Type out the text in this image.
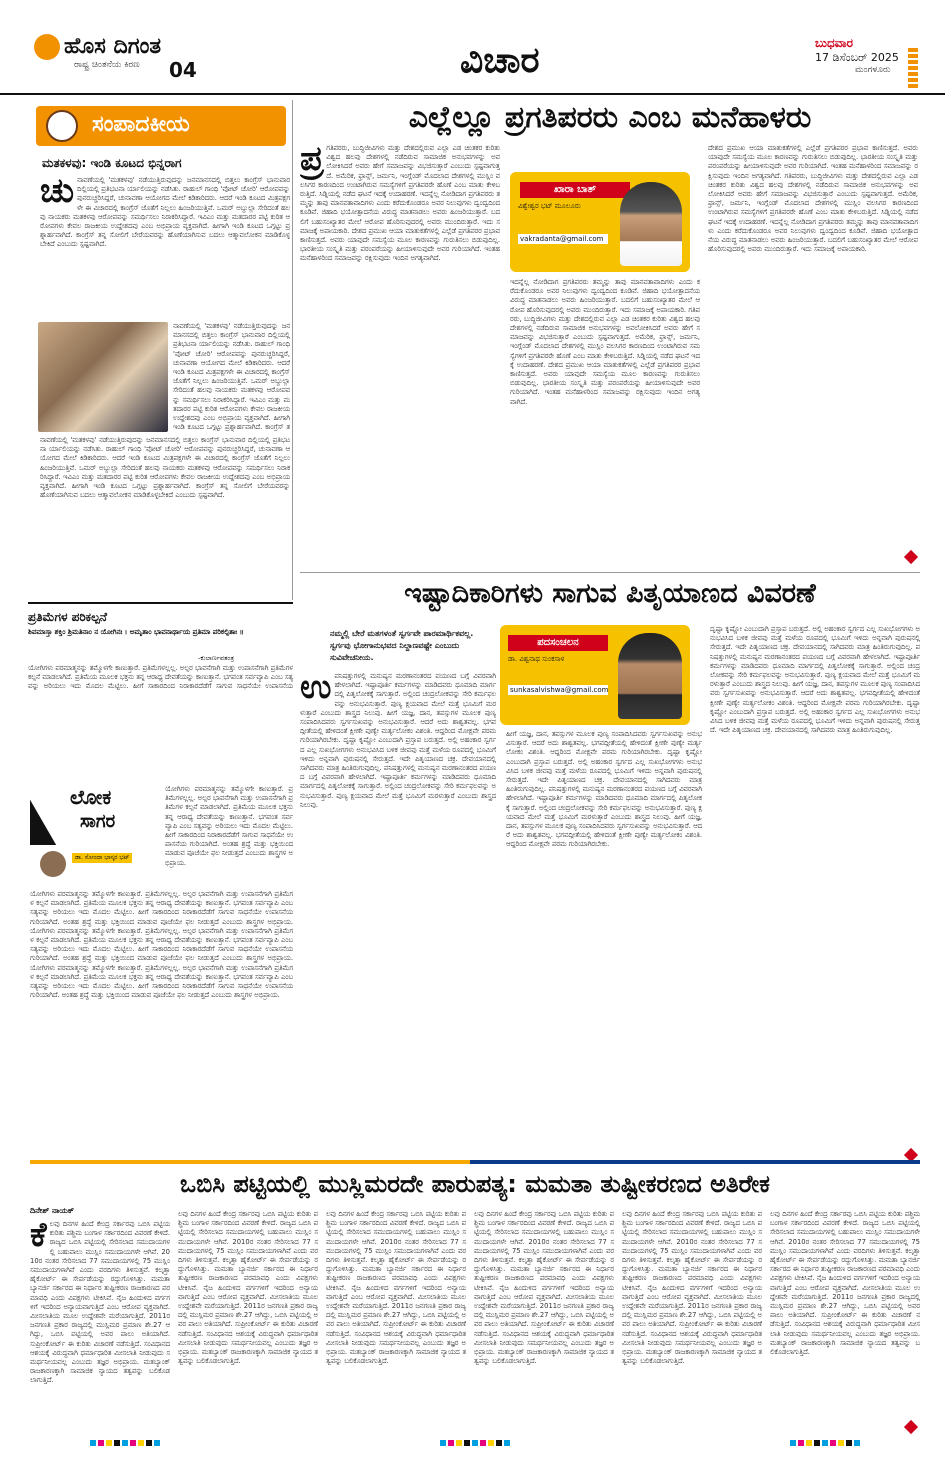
ಹೊಸ ದಿಗಂತ
ರಾಷ್ಟ್ರ ಚಿಂತನೆಯ ಕಿರಣ 04	ವಿಚಾರ	ಬುಧವಾರ
17 ಡಿಸೆಂಬರ್ 2025
ಮಂಗಳೂರು
ಸಂಪಾದಕೀಯ
ಮತಕಳವು: ಇಂಡಿ ಕೂಟದ ಭಿನ್ನರಾಗ
ಚುನಾವಣೆಯಲ್ಲಿ 'ಮತಕಳವು' ನಡೆಯುತ್ತಿರುವುದನ್ನು ಜನಮಾನಸದಲ್ಲಿ ಬಿತ್ತಲು ಕಾಂಗ್ರೆಸ್ ಭಾನುವಾರ ದಿಲ್ಲಿಯಲ್ಲಿ ಪ್ರತಿಭಟನಾ ರ್ಯಾಲಿಯನ್ನು ನಡೆಸಿತು. ರಾಹುಲ್ ಗಾಂಧಿ 'ವೋಟ್ ಚೋರಿ' ಆರೋಪವನ್ನು ಪುನರುಚ್ಚರಿಸಿದ್ದರೆ, ಚುನಾವಣಾ ಆಯೋಗದ ಮೇಲೆ ಕಿಡಿಕಾರಿದರು. ಆದರೆ ಇಂಡಿ ಕೂಟದ ಮಿತ್ರಪಕ್ಷಗಳೇ ಈ ವಿಚಾರದಲ್ಲಿ ಕಾಂಗ್ರೆಸ್ ಜೊತೆಗೆ ನಿಲ್ಲಲು ಹಿಂಜರಿಯುತ್ತಿವೆ. ಒಮರ್ ಅಬ್ದುಲ್ಲಾ ಸೇರಿದಂತೆ ಹಲವು ನಾಯಕರು ಮತಕಳವು ಆರೋಪವನ್ನು ಸಮರ್ಥಿಸಲು ನಿರಾಕರಿಸಿದ್ದಾರೆ. ಇವಿಎಂ ಮತ್ತು ಮತದಾರರ ಪಟ್ಟಿ ಕುರಿತ ಆರೋಪಗಳು ಕೇವಲ ರಾಜಕೀಯ ಉದ್ದೇಶದವು ಎಂಬ ಅಭಿಪ್ರಾಯ ವ್ಯಕ್ತವಾಗಿದೆ. ಹೀಗಾಗಿ ಇಂಡಿ ಕೂಟದ ಒಗ್ಗಟ್ಟು ಪ್ರಶ್ನಾರ್ಹವಾಗಿದೆ. ಕಾಂಗ್ರೆಸ್ ತನ್ನ ಸೋಲಿಗೆ ಬೇರೆಯವರನ್ನು ಹೊಣೆಯಾಗಿಸುವ ಬದಲು ಆತ್ಮಾವಲೋಕನ ಮಾಡಿಕೊಳ್ಳಬೇಕಿದೆ ಎಂಬುದು ಸ್ಪಷ್ಟವಾಗಿದೆ.
ನಾವಣೆಯಲ್ಲಿ 'ಮತಕಳವು' ನಡೆಯುತ್ತಿರುವುದನ್ನು ಜನಮಾನಸದಲ್ಲಿ ಬಿತ್ತಲು ಕಾಂಗ್ರೆಸ್ ಭಾನುವಾರ ದಿಲ್ಲಿಯಲ್ಲಿ ಪ್ರತಿಭಟನಾ ರ್ಯಾಲಿಯನ್ನು ನಡೆಸಿತು. ರಾಹುಲ್ ಗಾಂಧಿ 'ವೋಟ್ ಚೋರಿ' ಆರೋಪವನ್ನು ಪುನರುಚ್ಚರಿಸಿದ್ದರೆ, ಚುನಾವಣಾ ಆಯೋಗದ ಮೇಲೆ ಕಿಡಿಕಾರಿದರು. ಆದರೆ ಇಂಡಿ ಕೂಟದ ಮಿತ್ರಪಕ್ಷಗಳೇ ಈ ವಿಚಾರದಲ್ಲಿ ಕಾಂಗ್ರೆಸ್ ಜೊತೆಗೆ ನಿಲ್ಲಲು ಹಿಂಜರಿಯುತ್ತಿವೆ. ಒಮರ್ ಅಬ್ದುಲ್ಲಾ ಸೇರಿದಂತೆ ಹಲವು ನಾಯಕರು ಮತಕಳವು ಆರೋಪವನ್ನು ಸಮರ್ಥಿಸಲು ನಿರಾಕರಿಸಿದ್ದಾರೆ. ಇವಿಎಂ ಮತ್ತು ಮತದಾರರ ಪಟ್ಟಿ ಕುರಿತ ಆರೋಪಗಳು ಕೇವಲ ರಾಜಕೀಯ ಉದ್ದೇಶದವು ಎಂಬ ಅಭಿಪ್ರಾಯ ವ್ಯಕ್ತವಾಗಿದೆ. ಹೀಗಾಗಿ ಇಂಡಿ ಕೂಟದ ಒಗ್ಗಟ್ಟು ಪ್ರಶ್ನಾರ್ಹವಾಗಿದೆ. ಕಾಂಗ್ರೆಸ್ ತ
ನಾವಣೆಯಲ್ಲಿ 'ಮತಕಳವು' ನಡೆಯುತ್ತಿರುವುದನ್ನು ಜನಮಾನಸದಲ್ಲಿ ಬಿತ್ತಲು ಕಾಂಗ್ರೆಸ್ ಭಾನುವಾರ ದಿಲ್ಲಿಯಲ್ಲಿ ಪ್ರತಿಭಟನಾ ರ್ಯಾಲಿಯನ್ನು ನಡೆಸಿತು. ರಾಹುಲ್ ಗಾಂಧಿ 'ವೋಟ್ ಚೋರಿ' ಆರೋಪವನ್ನು ಪುನರುಚ್ಚರಿಸಿದ್ದರೆ, ಚುನಾವಣಾ ಆಯೋಗದ ಮೇಲೆ ಕಿಡಿಕಾರಿದರು. ಆದರೆ ಇಂಡಿ ಕೂಟದ ಮಿತ್ರಪಕ್ಷಗಳೇ ಈ ವಿಚಾರದಲ್ಲಿ ಕಾಂಗ್ರೆಸ್ ಜೊತೆಗೆ ನಿಲ್ಲಲು ಹಿಂಜರಿಯುತ್ತಿವೆ. ಒಮರ್ ಅಬ್ದುಲ್ಲಾ ಸೇರಿದಂತೆ ಹಲವು ನಾಯಕರು ಮತಕಳವು ಆರೋಪವನ್ನು ಸಮರ್ಥಿಸಲು ನಿರಾಕರಿಸಿದ್ದಾರೆ. ಇವಿಎಂ ಮತ್ತು ಮತದಾರರ ಪಟ್ಟಿ ಕುರಿತ ಆರೋಪಗಳು ಕೇವಲ ರಾಜಕೀಯ ಉದ್ದೇಶದವು ಎಂಬ ಅಭಿಪ್ರಾಯ ವ್ಯಕ್ತವಾಗಿದೆ. ಹೀಗಾಗಿ ಇಂಡಿ ಕೂಟದ ಒಗ್ಗಟ್ಟು ಪ್ರಶ್ನಾರ್ಹವಾಗಿದೆ. ಕಾಂಗ್ರೆಸ್ ತನ್ನ ಸೋಲಿಗೆ ಬೇರೆಯವರನ್ನು ಹೊಣೆಯಾಗಿಸುವ ಬದಲು ಆತ್ಮಾವಲೋಕನ ಮಾಡಿಕೊಳ್ಳಬೇಕಿದೆ ಎಂಬುದು ಸ್ಪಷ್ಟವಾಗಿದೆ.
ಎಲ್ಲೆಲ್ಲೂ ಪ್ರಗತಿಪರರು ಎಂಬ ಮನೆಹಾಳರು
ಪ್ರ ಗತಿಪರರು, ಬುದ್ಧಿಜೀವಿಗಳು ಮತ್ತು ದೇಶದಲ್ಲಿರುವ ಎಲ್ಲಾ ಎಡ ಚಿಂತಕರ ಕುರಿತು ವಿಶ್ವದ ಹಲವು ದೇಶಗಳಲ್ಲಿ ನಡೆದಿರುವ ಸಾಮಾಜಿಕ ಅನುಭವಗಳನ್ನು ಅವಲೋಕಿಸಿದರೆ ಅವರು ಹೇಗೆ ಸಮಾಜವನ್ನು ವಿಭಜಿಸುತ್ತಾರೆ ಎಂಬುದು ಸ್ಪಷ್ಟವಾಗುತ್ತದೆ. ಅಮೆರಿಕ, ಫ್ರಾನ್ಸ್, ಜರ್ಮನಿ, ಇಂಗ್ಲೆಂಡ್ ಮೊದಲಾದ ದೇಶಗಳಲ್ಲಿ ಮುಸ್ಲಿಂ ವಲಸಿಗರ ಕಾರಣದಿಂದ ಉಂಟಾಗಿರುವ ಸಮಸ್ಯೆಗಳಿಗೆ ಪ್ರಗತಿಪರರೇ ಹೊಣೆ ಎಂಬ ಮಾತು ಕೇಳಿಬರುತ್ತಿದೆ. ಸಿಡ್ನಿಯಲ್ಲಿ ನಡೆದ ಘಟನೆ ಇದಕ್ಕೆ ಉದಾಹರಣೆ. ಇದನ್ನೆಲ್ಲ ನೋಡಿದಾಗ ಪ್ರಗತಿಪರರು ತಮ್ಮನ್ನು ತಾವು ಮಾನವತಾವಾದಿಗಳು ಎಂದು ಕರೆದುಕೊಂಡರೂ ಅವರ ನಿಲುವುಗಳು ದ್ವಂದ್ವದಿಂದ ಕೂಡಿವೆ. ಜಿಹಾದಿ ಭಯೋತ್ಪಾದನೆಯ ವಿರುದ್ಧ ಮಾತನಾಡಲು ಅವರು ಹಿಂಜರಿಯುತ್ತಾರೆ. ಬದಲಿಗೆ ಬಹುಸಂಖ್ಯಾತರ ಮೇಲೆ ಆರೋಪ ಹೊರಿಸುವುದರಲ್ಲಿ ಅವರು ಮುಂದಿರುತ್ತಾರೆ. ಇದು ಸಮಾಜಕ್ಕೆ ಅಪಾಯಕಾರಿ. ದೇಶದ ಪ್ರಮುಖ ಆಯಾ ಮಾತುಕತೆಗಳಲ್ಲಿ ಎಲ್ಲೆಡೆ ಪ್ರಗತಿಪರರ ಪ್ರಭಾವ ಕಾಣಿಸುತ್ತದೆ. ಅವರು ಯಾವುದೇ ಸಮಸ್ಯೆಯ ಮೂಲ ಕಾರಣವನ್ನು ಗುರುತಿಸಲು ಬಿಡುವುದಿಲ್ಲ. ಭಾರತೀಯ ಸಂಸ್ಕೃತಿ ಮತ್ತು ಪರಂಪರೆಯನ್ನು ಹೀಯಾಳಿಸುವುದೇ ಅವರ ಗುರಿಯಾಗಿದೆ. ಇಂತಹ ಮನೆಹಾಳರಿಂದ ಸಮಾಜವನ್ನು ರಕ್ಷಿಸುವುದು ಇಂದಿನ ಅಗತ್ಯವಾಗಿದೆ.
ಖಾರಾ ಬಾತ್
ವಿಶ್ವೇಶ್ವರ ಭಟ್ ಮೂಲೂರು
vakradanta@gmail.com
ಇದನ್ನೆಲ್ಲ ನೋಡಿದಾಗ ಪ್ರಗತಿಪರರು ತಮ್ಮನ್ನು ತಾವು ಮಾನವತಾವಾದಿಗಳು ಎಂದು ಕರೆದುಕೊಂಡರೂ ಅವರ ನಿಲುವುಗಳು ದ್ವಂದ್ವದಿಂದ ಕೂಡಿವೆ. ಜಿಹಾದಿ ಭಯೋತ್ಪಾದನೆಯ ವಿರುದ್ಧ ಮಾತನಾಡಲು ಅವರು ಹಿಂಜರಿಯುತ್ತಾರೆ. ಬದಲಿಗೆ ಬಹುಸಂಖ್ಯಾತರ ಮೇಲೆ ಆರೋಪ ಹೊರಿಸುವುದರಲ್ಲಿ ಅವರು ಮುಂದಿರುತ್ತಾರೆ. ಇದು ಸಮಾಜಕ್ಕೆ ಅಪಾಯಕಾರಿ. ಗತಿಪರರು, ಬುದ್ಧಿಜೀವಿಗಳು ಮತ್ತು ದೇಶದಲ್ಲಿರುವ ಎಲ್ಲಾ ಎಡ ಚಿಂತಕರ ಕುರಿತು ವಿಶ್ವದ ಹಲವು ದೇಶಗಳಲ್ಲಿ ನಡೆದಿರುವ ಸಾಮಾಜಿಕ ಅನುಭವಗಳನ್ನು ಅವಲೋಕಿಸಿದರೆ ಅವರು ಹೇಗೆ ಸಮಾಜವನ್ನು ವಿಭಜಿಸುತ್ತಾರೆ ಎಂಬುದು ಸ್ಪಷ್ಟವಾಗುತ್ತದೆ. ಅಮೆರಿಕ, ಫ್ರಾನ್ಸ್, ಜರ್ಮನಿ, ಇಂಗ್ಲೆಂಡ್ ಮೊದಲಾದ ದೇಶಗಳಲ್ಲಿ ಮುಸ್ಲಿಂ ವಲಸಿಗರ ಕಾರಣದಿಂದ ಉಂಟಾಗಿರುವ ಸಮಸ್ಯೆಗಳಿಗೆ ಪ್ರಗತಿಪರರೇ ಹೊಣೆ ಎಂಬ ಮಾತು ಕೇಳಿಬರುತ್ತಿದೆ. ಸಿಡ್ನಿಯಲ್ಲಿ ನಡೆದ ಘಟನೆ ಇದಕ್ಕೆ ಉದಾಹರಣೆ. ದೇಶದ ಪ್ರಮುಖ ಆಯಾ ಮಾತುಕತೆಗಳಲ್ಲಿ ಎಲ್ಲೆಡೆ ಪ್ರಗತಿಪರರ ಪ್ರಭಾವ ಕಾಣಿಸುತ್ತದೆ. ಅವರು ಯಾವುದೇ ಸಮಸ್ಯೆಯ ಮೂಲ ಕಾರಣವನ್ನು ಗುರುತಿಸಲು ಬಿಡುವುದಿಲ್ಲ. ಭಾರತೀಯ ಸಂಸ್ಕೃತಿ ಮತ್ತು ಪರಂಪರೆಯನ್ನು ಹೀಯಾಳಿಸುವುದೇ ಅವರ ಗುರಿಯಾಗಿದೆ. ಇಂತಹ ಮನೆಹಾಳರಿಂದ ಸಮಾಜವನ್ನು ರಕ್ಷಿಸುವುದು ಇಂದಿನ ಅಗತ್ಯವಾಗಿದೆ.
ದೇಶದ ಪ್ರಮುಖ ಆಯಾ ಮಾತುಕತೆಗಳಲ್ಲಿ ಎಲ್ಲೆಡೆ ಪ್ರಗತಿಪರರ ಪ್ರಭಾವ ಕಾಣಿಸುತ್ತದೆ. ಅವರು ಯಾವುದೇ ಸಮಸ್ಯೆಯ ಮೂಲ ಕಾರಣವನ್ನು ಗುರುತಿಸಲು ಬಿಡುವುದಿಲ್ಲ. ಭಾರತೀಯ ಸಂಸ್ಕೃತಿ ಮತ್ತು ಪರಂಪರೆಯನ್ನು ಹೀಯಾಳಿಸುವುದೇ ಅವರ ಗುರಿಯಾಗಿದೆ. ಇಂತಹ ಮನೆಹಾಳರಿಂದ ಸಮಾಜವನ್ನು ರಕ್ಷಿಸುವುದು ಇಂದಿನ ಅಗತ್ಯವಾಗಿದೆ. ಗತಿಪರರು, ಬುದ್ಧಿಜೀವಿಗಳು ಮತ್ತು ದೇಶದಲ್ಲಿರುವ ಎಲ್ಲಾ ಎಡ ಚಿಂತಕರ ಕುರಿತು ವಿಶ್ವದ ಹಲವು ದೇಶಗಳಲ್ಲಿ ನಡೆದಿರುವ ಸಾಮಾಜಿಕ ಅನುಭವಗಳನ್ನು ಅವಲೋಕಿಸಿದರೆ ಅವರು ಹೇಗೆ ಸಮಾಜವನ್ನು ವಿಭಜಿಸುತ್ತಾರೆ ಎಂಬುದು ಸ್ಪಷ್ಟವಾಗುತ್ತದೆ. ಅಮೆರಿಕ, ಫ್ರಾನ್ಸ್, ಜರ್ಮನಿ, ಇಂಗ್ಲೆಂಡ್ ಮೊದಲಾದ ದೇಶಗಳಲ್ಲಿ ಮುಸ್ಲಿಂ ವಲಸಿಗರ ಕಾರಣದಿಂದ ಉಂಟಾಗಿರುವ ಸಮಸ್ಯೆಗಳಿಗೆ ಪ್ರಗತಿಪರರೇ ಹೊಣೆ ಎಂಬ ಮಾತು ಕೇಳಿಬರುತ್ತಿದೆ. ಸಿಡ್ನಿಯಲ್ಲಿ ನಡೆದ ಘಟನೆ ಇದಕ್ಕೆ ಉದಾಹರಣೆ. ಇದನ್ನೆಲ್ಲ ನೋಡಿದಾಗ ಪ್ರಗತಿಪರರು ತಮ್ಮನ್ನು ತಾವು ಮಾನವತಾವಾದಿಗಳು ಎಂದು ಕರೆದುಕೊಂಡರೂ ಅವರ ನಿಲುವುಗಳು ದ್ವಂದ್ವದಿಂದ ಕೂಡಿವೆ. ಜಿಹಾದಿ ಭಯೋತ್ಪಾದನೆಯ ವಿರುದ್ಧ ಮಾತನಾಡಲು ಅವರು ಹಿಂಜರಿಯುತ್ತಾರೆ. ಬದಲಿಗೆ ಬಹುಸಂಖ್ಯಾತರ ಮೇಲೆ ಆರೋಪ ಹೊರಿಸುವುದರಲ್ಲಿ ಅವರು ಮುಂದಿರುತ್ತಾರೆ. ಇದು ಸಮಾಜಕ್ಕೆ ಅಪಾಯಕಾರಿ.
ಪ್ರತಿಮೆಗಳ ಪರಿಕಲ್ಪನೆ
ಶಿವಮಾಸ್ತಾ ಶಕ್ತಿಂ ಶ್ರಿಮತಿನಾಂ ನ ಯೋಗಿನಃ । ಅಮೃತಾಂ ಭಾವನಾರ್ಥಾಯ ಪ್ರತಿಮಾ ಪರಿಕಲ್ಪಿತಾಃ ॥
-ಕುಲಾರ್ಣವತಂತ್ರ
ಯೋಗಿಗಳು ಪರಮಾತ್ಮನನ್ನು ತಮ್ಮೊಳಗೇ ಕಾಣುತ್ತಾರೆ. ಪ್ರತಿಮೆಗಳಲ್ಲಲ್ಲ. ಅಲ್ಪರ ಭಾವನೆಗಾಗಿ ಮತ್ತು ಉಪಾಸನೆಗಾಗಿ ಪ್ರತಿಮೆಗಳ ಕಲ್ಪನೆ ಮಾಡಲಾಗಿದೆ. ಪ್ರತಿಮೆಯ ಮೂಲಕ ಭಕ್ತನು ತನ್ನ ಆರಾಧ್ಯ ದೇವತೆಯನ್ನು ಕಾಣುತ್ತಾನೆ. ಭಗವಂತ ಸರ್ವವ್ಯಾಪಿ ಎಂಬ ಸತ್ಯವನ್ನು ಅರಿಯಲು ಇದು ಮೊದಲ ಮೆಟ್ಟಿಲು. ಹೀಗೆ ಸಾಕಾರದಿಂದ ನಿರಾಕಾರದೆಡೆಗೆ ಸಾಗುವ ಸಾಧನೆಯೇ ಉಪಾಸನೆಯ
ಲೋಕ
ಸಾಗರ
ಡಾ. ಸೋಂದಾ ಭಾಸ್ಕರ ಭಟ್
ಯೋಗಿಗಳು ಪರಮಾತ್ಮನನ್ನು ತಮ್ಮೊಳಗೇ ಕಾಣುತ್ತಾರೆ. ಪ್ರತಿಮೆಗಳಲ್ಲಲ್ಲ. ಅಲ್ಪರ ಭಾವನೆಗಾಗಿ ಮತ್ತು ಉಪಾಸನೆಗಾಗಿ ಪ್ರತಿಮೆಗಳ ಕಲ್ಪನೆ ಮಾಡಲಾಗಿದೆ. ಪ್ರತಿಮೆಯ ಮೂಲಕ ಭಕ್ತನು ತನ್ನ ಆರಾಧ್ಯ ದೇವತೆಯನ್ನು ಕಾಣುತ್ತಾನೆ. ಭಗವಂತ ಸರ್ವವ್ಯಾಪಿ ಎಂಬ ಸತ್ಯವನ್ನು ಅರಿಯಲು ಇದು ಮೊದಲ ಮೆಟ್ಟಿಲು. ಹೀಗೆ ಸಾಕಾರದಿಂದ ನಿರಾಕಾರದೆಡೆಗೆ ಸಾಗುವ ಸಾಧನೆಯೇ ಉಪಾಸನೆಯ ಗುರಿಯಾಗಿದೆ. ಅಂತಹ ಶ್ರದ್ಧೆ ಮತ್ತು ಭಕ್ತಿಯಿಂದ ಮಾಡುವ ಪೂಜೆಯೇ ಫಲ ನೀಡುತ್ತದೆ ಎಂಬುದು ಶಾಸ್ತ್ರಗಳ ಅಭಿಪ್ರಾಯ.
ಯೋಗಿಗಳು ಪರಮಾತ್ಮನನ್ನು ತಮ್ಮೊಳಗೇ ಕಾಣುತ್ತಾರೆ. ಪ್ರತಿಮೆಗಳಲ್ಲಲ್ಲ. ಅಲ್ಪರ ಭಾವನೆಗಾಗಿ ಮತ್ತು ಉಪಾಸನೆಗಾಗಿ ಪ್ರತಿಮೆಗಳ ಕಲ್ಪನೆ ಮಾಡಲಾಗಿದೆ. ಪ್ರತಿಮೆಯ ಮೂಲಕ ಭಕ್ತನು ತನ್ನ ಆರಾಧ್ಯ ದೇವತೆಯನ್ನು ಕಾಣುತ್ತಾನೆ. ಭಗವಂತ ಸರ್ವವ್ಯಾಪಿ ಎಂಬ ಸತ್ಯವನ್ನು ಅರಿಯಲು ಇದು ಮೊದಲ ಮೆಟ್ಟಿಲು. ಹೀಗೆ ಸಾಕಾರದಿಂದ ನಿರಾಕಾರದೆಡೆಗೆ ಸಾಗುವ ಸಾಧನೆಯೇ ಉಪಾಸನೆಯ ಗುರಿಯಾಗಿದೆ. ಅಂತಹ ಶ್ರದ್ಧೆ ಮತ್ತು ಭಕ್ತಿಯಿಂದ ಮಾಡುವ ಪೂಜೆಯೇ ಫಲ ನೀಡುತ್ತದೆ ಎಂಬುದು ಶಾಸ್ತ್ರಗಳ ಅಭಿಪ್ರಾಯ. ಯೋಗಿಗಳು ಪರಮಾತ್ಮನನ್ನು ತಮ್ಮೊಳಗೇ ಕಾಣುತ್ತಾರೆ. ಪ್ರತಿಮೆಗಳಲ್ಲಲ್ಲ. ಅಲ್ಪರ ಭಾವನೆಗಾಗಿ ಮತ್ತು ಉಪಾಸನೆಗಾಗಿ ಪ್ರತಿಮೆಗಳ ಕಲ್ಪನೆ ಮಾಡಲಾಗಿದೆ. ಪ್ರತಿಮೆಯ ಮೂಲಕ ಭಕ್ತನು ತನ್ನ ಆರಾಧ್ಯ ದೇವತೆಯನ್ನು ಕಾಣುತ್ತಾನೆ. ಭಗವಂತ ಸರ್ವವ್ಯಾಪಿ ಎಂಬ ಸತ್ಯವನ್ನು ಅರಿಯಲು ಇದು ಮೊದಲ ಮೆಟ್ಟಿಲು. ಹೀಗೆ ಸಾಕಾರದಿಂದ ನಿರಾಕಾರದೆಡೆಗೆ ಸಾಗುವ ಸಾಧನೆಯೇ ಉಪಾಸನೆಯ ಗುರಿಯಾಗಿದೆ. ಅಂತಹ ಶ್ರದ್ಧೆ ಮತ್ತು ಭಕ್ತಿಯಿಂದ ಮಾಡುವ ಪೂಜೆಯೇ ಫಲ ನೀಡುತ್ತದೆ ಎಂಬುದು ಶಾಸ್ತ್ರಗಳ ಅಭಿಪ್ರಾಯ. ಯೋಗಿಗಳು ಪರಮಾತ್ಮನನ್ನು ತಮ್ಮೊಳಗೇ ಕಾಣುತ್ತಾರೆ. ಪ್ರತಿಮೆಗಳಲ್ಲಲ್ಲ. ಅಲ್ಪರ ಭಾವನೆಗಾಗಿ ಮತ್ತು ಉಪಾಸನೆಗಾಗಿ ಪ್ರತಿಮೆಗಳ ಕಲ್ಪನೆ ಮಾಡಲಾಗಿದೆ. ಪ್ರತಿಮೆಯ ಮೂಲಕ ಭಕ್ತನು ತನ್ನ ಆರಾಧ್ಯ ದೇವತೆಯನ್ನು ಕಾಣುತ್ತಾನೆ. ಭಗವಂತ ಸರ್ವವ್ಯಾಪಿ ಎಂಬ ಸತ್ಯವನ್ನು ಅರಿಯಲು ಇದು ಮೊದಲ ಮೆಟ್ಟಿಲು. ಹೀಗೆ ಸಾಕಾರದಿಂದ ನಿರಾಕಾರದೆಡೆಗೆ ಸಾಗುವ ಸಾಧನೆಯೇ ಉಪಾಸನೆಯ ಗುರಿಯಾಗಿದೆ. ಅಂತಹ ಶ್ರದ್ಧೆ ಮತ್ತು ಭಕ್ತಿಯಿಂದ ಮಾಡುವ ಪೂಜೆಯೇ ಫಲ ನೀಡುತ್ತದೆ ಎಂಬುದು ಶಾಸ್ತ್ರಗಳ ಅಭಿಪ್ರಾಯ.
ಇಷ್ಟಾದಿಕಾರಿಗಳು ಸಾಗುವ ಪಿತೃಯಾಣದ ವಿವರಣೆ
ನಮ್ಮಲ್ಲಿ ಬೇರೆ ಮತಗಳಂತೆ ಸ್ವರ್ಗವೇ ಪಾರಮಾರ್ಥಿಕವಲ್ಲ. ಸ್ವರ್ಗವು ಭೋಗಾನುಭವದ ನಿಲ್ದಾಣವಷ್ಟೇ ಎಂಬುದು ಸುವಿವೇಚನೀಯ.
ಪದಸಂಚಲನ
ಡಾ. ವಿಶ್ವನಾಥ ಸುಂಕಸಾಳ
sunkasalvishwa@gmail.com
ಉಪನಿಷತ್ತುಗಳಲ್ಲಿ ಮನುಷ್ಯನ ಮರಣಾನಂತರದ ಪಯಣದ ಬಗ್ಗೆ ವಿವರವಾಗಿ ಹೇಳಲಾಗಿದೆ. ಇಷ್ಟಾಪೂರ್ತಿ ಕರ್ಮಗಳನ್ನು ಮಾಡಿದವರು ಧೂಮಾದಿ ಮಾರ್ಗದಲ್ಲಿ ಪಿತೃಲೋಕಕ್ಕೆ ಸಾಗುತ್ತಾರೆ. ಅಲ್ಲಿಂದ ಚಂದ್ರಲೋಕವನ್ನು ಸೇರಿ ಕರ್ಮಫಲವನ್ನು ಅನುಭವಿಸುತ್ತಾರೆ. ಪುಣ್ಯ ಕ್ಷಯವಾದ ಮೇಲೆ ಮತ್ತೆ ಭೂಮಿಗೆ ಮರಳುತ್ತಾರೆ ಎಂಬುದು ಶಾಸ್ತ್ರದ ನಿಲುವು. ಹೀಗೆ ಯಜ್ಞ, ದಾನ, ತಪಸ್ಸುಗಳ ಮೂಲಕ ಪುಣ್ಯ ಸಂಪಾದಿಸಿದವರು ಸ್ವರ್ಗಸುಖವನ್ನು ಅನುಭವಿಸುತ್ತಾರೆ. ಆದರೆ ಅದು ಶಾಶ್ವತವಲ್ಲ. ಭಗವದ್ಗೀತೆಯಲ್ಲಿ ಹೇಳಿದಂತೆ ಕ್ಷೀಣೇ ಪುಣ್ಯೇ ಮರ್ತ್ಯಲೋಕಂ ವಿಶಂತಿ. ಆದ್ದರಿಂದ ಮೋಕ್ಷವೇ ಪರಮ ಗುರಿಯಾಗಿರಬೇಕು. ದೃಷ್ಟಾ ಕೃಷ್ಣೋ ಎಂಬುದಾಗಿ ಪ್ರಸ್ತಾಪ ಬರುತ್ತದೆ. ಅಲ್ಲಿ ಅಹಂಕಾರ ಸ್ವರ್ಗದ ಎಲ್ಲ ಸುಖಭೋಗಗಳು ಅನುಭವಿಸಿದ ಬಳಿಕ ಜೀವವು ಮತ್ತೆ ಮಳೆಯ ರೂಪದಲ್ಲಿ ಭೂಮಿಗೆ ಇಳಿದು ಅನ್ನವಾಗಿ ಪುರುಷನಲ್ಲಿ ಸೇರುತ್ತದೆ. ಇದೇ ಪಿತೃಯಾಣದ ಚಕ್ರ. ದೇವಯಾನದಲ್ಲಿ ಸಾಗಿದವರು ಮಾತ್ರ ಹಿಂತಿರುಗುವುದಿಲ್ಲ. ಪನಿಷತ್ತುಗಳಲ್ಲಿ ಮನುಷ್ಯನ ಮರಣಾನಂತರದ ಪಯಣದ ಬಗ್ಗೆ ವಿವರವಾಗಿ ಹೇಳಲಾಗಿದೆ. ಇಷ್ಟಾಪೂರ್ತಿ ಕರ್ಮಗಳನ್ನು ಮಾಡಿದವರು ಧೂಮಾದಿ ಮಾರ್ಗದಲ್ಲಿ ಪಿತೃಲೋಕಕ್ಕೆ ಸಾಗುತ್ತಾರೆ. ಅಲ್ಲಿಂದ ಚಂದ್ರಲೋಕವನ್ನು ಸೇರಿ ಕರ್ಮಫಲವನ್ನು ಅನುಭವಿಸುತ್ತಾರೆ. ಪುಣ್ಯ ಕ್ಷಯವಾದ ಮೇಲೆ ಮತ್ತೆ ಭೂಮಿಗೆ ಮರಳುತ್ತಾರೆ ಎಂಬುದು ಶಾಸ್ತ್ರದ ನಿಲುವು.
ಹೀಗೆ ಯಜ್ಞ, ದಾನ, ತಪಸ್ಸುಗಳ ಮೂಲಕ ಪುಣ್ಯ ಸಂಪಾದಿಸಿದವರು ಸ್ವರ್ಗಸುಖವನ್ನು ಅನುಭವಿಸುತ್ತಾರೆ. ಆದರೆ ಅದು ಶಾಶ್ವತವಲ್ಲ. ಭಗವದ್ಗೀತೆಯಲ್ಲಿ ಹೇಳಿದಂತೆ ಕ್ಷೀಣೇ ಪುಣ್ಯೇ ಮರ್ತ್ಯಲೋಕಂ ವಿಶಂತಿ. ಆದ್ದರಿಂದ ಮೋಕ್ಷವೇ ಪರಮ ಗುರಿಯಾಗಿರಬೇಕು. ದೃಷ್ಟಾ ಕೃಷ್ಣೋ ಎಂಬುದಾಗಿ ಪ್ರಸ್ತಾಪ ಬರುತ್ತದೆ. ಅಲ್ಲಿ ಅಹಂಕಾರ ಸ್ವರ್ಗದ ಎಲ್ಲ ಸುಖಭೋಗಗಳು ಅನುಭವಿಸಿದ ಬಳಿಕ ಜೀವವು ಮತ್ತೆ ಮಳೆಯ ರೂಪದಲ್ಲಿ ಭೂಮಿಗೆ ಇಳಿದು ಅನ್ನವಾಗಿ ಪುರುಷನಲ್ಲಿ ಸೇರುತ್ತದೆ. ಇದೇ ಪಿತೃಯಾಣದ ಚಕ್ರ. ದೇವಯಾನದಲ್ಲಿ ಸಾಗಿದವರು ಮಾತ್ರ ಹಿಂತಿರುಗುವುದಿಲ್ಲ. ಪನಿಷತ್ತುಗಳಲ್ಲಿ ಮನುಷ್ಯನ ಮರಣಾನಂತರದ ಪಯಣದ ಬಗ್ಗೆ ವಿವರವಾಗಿ ಹೇಳಲಾಗಿದೆ. ಇಷ್ಟಾಪೂರ್ತಿ ಕರ್ಮಗಳನ್ನು ಮಾಡಿದವರು ಧೂಮಾದಿ ಮಾರ್ಗದಲ್ಲಿ ಪಿತೃಲೋಕಕ್ಕೆ ಸಾಗುತ್ತಾರೆ. ಅಲ್ಲಿಂದ ಚಂದ್ರಲೋಕವನ್ನು ಸೇರಿ ಕರ್ಮಫಲವನ್ನು ಅನುಭವಿಸುತ್ತಾರೆ. ಪುಣ್ಯ ಕ್ಷಯವಾದ ಮೇಲೆ ಮತ್ತೆ ಭೂಮಿಗೆ ಮರಳುತ್ತಾರೆ ಎಂಬುದು ಶಾಸ್ತ್ರದ ನಿಲುವು. ಹೀಗೆ ಯಜ್ಞ, ದಾನ, ತಪಸ್ಸುಗಳ ಮೂಲಕ ಪುಣ್ಯ ಸಂಪಾದಿಸಿದವರು ಸ್ವರ್ಗಸುಖವನ್ನು ಅನುಭವಿಸುತ್ತಾರೆ. ಆದರೆ ಅದು ಶಾಶ್ವತವಲ್ಲ. ಭಗವದ್ಗೀತೆಯಲ್ಲಿ ಹೇಳಿದಂತೆ ಕ್ಷೀಣೇ ಪುಣ್ಯೇ ಮರ್ತ್ಯಲೋಕಂ ವಿಶಂತಿ. ಆದ್ದರಿಂದ ಮೋಕ್ಷವೇ ಪರಮ ಗುರಿಯಾಗಿರಬೇಕು.
ದೃಷ್ಟಾ ಕೃಷ್ಣೋ ಎಂಬುದಾಗಿ ಪ್ರಸ್ತಾಪ ಬರುತ್ತದೆ. ಅಲ್ಲಿ ಅಹಂಕಾರ ಸ್ವರ್ಗದ ಎಲ್ಲ ಸುಖಭೋಗಗಳು ಅನುಭವಿಸಿದ ಬಳಿಕ ಜೀವವು ಮತ್ತೆ ಮಳೆಯ ರೂಪದಲ್ಲಿ ಭೂಮಿಗೆ ಇಳಿದು ಅನ್ನವಾಗಿ ಪುರುಷನಲ್ಲಿ ಸೇರುತ್ತದೆ. ಇದೇ ಪಿತೃಯಾಣದ ಚಕ್ರ. ದೇವಯಾನದಲ್ಲಿ ಸಾಗಿದವರು ಮಾತ್ರ ಹಿಂತಿರುಗುವುದಿಲ್ಲ. ಪನಿಷತ್ತುಗಳಲ್ಲಿ ಮನುಷ್ಯನ ಮರಣಾನಂತರದ ಪಯಣದ ಬಗ್ಗೆ ವಿವರವಾಗಿ ಹೇಳಲಾಗಿದೆ. ಇಷ್ಟಾಪೂರ್ತಿ ಕರ್ಮಗಳನ್ನು ಮಾಡಿದವರು ಧೂಮಾದಿ ಮಾರ್ಗದಲ್ಲಿ ಪಿತೃಲೋಕಕ್ಕೆ ಸಾಗುತ್ತಾರೆ. ಅಲ್ಲಿಂದ ಚಂದ್ರಲೋಕವನ್ನು ಸೇರಿ ಕರ್ಮಫಲವನ್ನು ಅನುಭವಿಸುತ್ತಾರೆ. ಪುಣ್ಯ ಕ್ಷಯವಾದ ಮೇಲೆ ಮತ್ತೆ ಭೂಮಿಗೆ ಮರಳುತ್ತಾರೆ ಎಂಬುದು ಶಾಸ್ತ್ರದ ನಿಲುವು. ಹೀಗೆ ಯಜ್ಞ, ದಾನ, ತಪಸ್ಸುಗಳ ಮೂಲಕ ಪುಣ್ಯ ಸಂಪಾದಿಸಿದವರು ಸ್ವರ್ಗಸುಖವನ್ನು ಅನುಭವಿಸುತ್ತಾರೆ. ಆದರೆ ಅದು ಶಾಶ್ವತವಲ್ಲ. ಭಗವದ್ಗೀತೆಯಲ್ಲಿ ಹೇಳಿದಂತೆ ಕ್ಷೀಣೇ ಪುಣ್ಯೇ ಮರ್ತ್ಯಲೋಕಂ ವಿಶಂತಿ. ಆದ್ದರಿಂದ ಮೋಕ್ಷವೇ ಪರಮ ಗುರಿಯಾಗಿರಬೇಕು. ದೃಷ್ಟಾ ಕೃಷ್ಣೋ ಎಂಬುದಾಗಿ ಪ್ರಸ್ತಾಪ ಬರುತ್ತದೆ. ಅಲ್ಲಿ ಅಹಂಕಾರ ಸ್ವರ್ಗದ ಎಲ್ಲ ಸುಖಭೋಗಗಳು ಅನುಭವಿಸಿದ ಬಳಿಕ ಜೀವವು ಮತ್ತೆ ಮಳೆಯ ರೂಪದಲ್ಲಿ ಭೂಮಿಗೆ ಇಳಿದು ಅನ್ನವಾಗಿ ಪುರುಷನಲ್ಲಿ ಸೇರುತ್ತದೆ. ಇದೇ ಪಿತೃಯಾಣದ ಚಕ್ರ. ದೇವಯಾನದಲ್ಲಿ ಸಾಗಿದವರು ಮಾತ್ರ ಹಿಂತಿರುಗುವುದಿಲ್ಲ.
ಒಬಿಸಿ ಪಟ್ಟಿಯಲ್ಲಿ ಮುಸ್ಲಿಮರದೇ ಪಾರುಪತ್ಯ: ಮಮತಾ ತುಷ್ಟೀಕರಣದ ಅತಿರೇಕ
ದಿನೇಶ್ ನಾಯಕ್
ಕೆಲವು ದಿನಗಳ ಹಿಂದೆ ಕೇಂದ್ರ ಸರ್ಕಾರವು ಒಬಿಸಿ ಪಟ್ಟಿಯ ಕುರಿತು ಪಶ್ಚಿಮ ಬಂಗಾಳ ಸರ್ಕಾರದಿಂದ ವಿವರಣೆ ಕೇಳಿದೆ. ರಾಜ್ಯದ ಒಬಿಸಿ ಪಟ್ಟಿಯಲ್ಲಿ ಸೇರಿಸಲಾದ ಸಮುದಾಯಗಳಲ್ಲಿ ಬಹುಪಾಲು ಮುಸ್ಲಿಂ ಸಮುದಾಯಗಳೇ ಆಗಿವೆ. 2010ರ ನಂತರ ಸೇರಿಸಲಾದ 77 ಸಮುದಾಯಗಳಲ್ಲಿ 75 ಮುಸ್ಲಿಂ ಸಮುದಾಯಗಳಾಗಿವೆ ಎಂದು ವರದಿಗಳು ತಿಳಿಸುತ್ತವೆ. ಕಲ್ಕತ್ತಾ ಹೈಕೋರ್ಟ್ ಈ ಸೇರ್ಪಡೆಯನ್ನು ರದ್ದುಗೊಳಿಸಿತ್ತು. ಮಮತಾ ಬ್ಯಾನರ್ಜಿ ಸರ್ಕಾರದ ಈ ನಿರ್ಧಾರ ತುಷ್ಟೀಕರಣ ರಾಜಕಾರಣದ ಪರಮಾವಧಿ ಎಂದು ವಿಪಕ್ಷಗಳು ಟೀಕಿಸಿವೆ. ನೈಜ ಹಿಂದುಳಿದ ವರ್ಗಗಳಿಗೆ ಇದರಿಂದ ಅನ್ಯಾಯವಾಗುತ್ತಿದೆ ಎಂಬ ಆರೋಪ ವ್ಯಕ್ತವಾಗಿದೆ. ಮೀಸಲಾತಿಯ ಮೂಲ ಉದ್ದೇಶವೇ ಮರೆಯಾಗುತ್ತಿದೆ. 2011ರ ಜನಗಣತಿ ಪ್ರಕಾರ ರಾಜ್ಯದಲ್ಲಿ ಮುಸ್ಲಿಮರ ಪ್ರಮಾಣ ಶೇ.27 ಆಗಿದ್ದು, ಒಬಿಸಿ ಪಟ್ಟಿಯಲ್ಲಿ ಅವರ ಪಾಲು ಅತಿಯಾಗಿದೆ. ಸುಪ್ರೀಂಕೋರ್ಟ್ ಈ ಕುರಿತು ವಿಚಾರಣೆ ನಡೆಸುತ್ತಿದೆ. ಸಂವಿಧಾನದ ಆಶಯಕ್ಕೆ ವಿರುದ್ಧವಾಗಿ ಧರ್ಮಾಧಾರಿತ ಮೀಸಲಾತಿ ನೀಡುವುದು ಸಮರ್ಥನೀಯವಲ್ಲ ಎಂಬುದು ತಜ್ಞರ ಅಭಿಪ್ರಾಯ. ಮತಬ್ಯಾಂಕ್ ರಾಜಕಾರಣಕ್ಕಾಗಿ ಸಾಮಾಜಿಕ ನ್ಯಾಯದ ತತ್ವವನ್ನು ಬಲಿಕೊಡಲಾಗುತ್ತಿದೆ.
ಲವು ದಿನಗಳ ಹಿಂದೆ ಕೇಂದ್ರ ಸರ್ಕಾರವು ಒಬಿಸಿ ಪಟ್ಟಿಯ ಕುರಿತು ಪಶ್ಚಿಮ ಬಂಗಾಳ ಸರ್ಕಾರದಿಂದ ವಿವರಣೆ ಕೇಳಿದೆ. ರಾಜ್ಯದ ಒಬಿಸಿ ಪಟ್ಟಿಯಲ್ಲಿ ಸೇರಿಸಲಾದ ಸಮುದಾಯಗಳಲ್ಲಿ ಬಹುಪಾಲು ಮುಸ್ಲಿಂ ಸಮುದಾಯಗಳೇ ಆಗಿವೆ. 2010ರ ನಂತರ ಸೇರಿಸಲಾದ 77 ಸಮುದಾಯಗಳಲ್ಲಿ 75 ಮುಸ್ಲಿಂ ಸಮುದಾಯಗಳಾಗಿವೆ ಎಂದು ವರದಿಗಳು ತಿಳಿಸುತ್ತವೆ. ಕಲ್ಕತ್ತಾ ಹೈಕೋರ್ಟ್ ಈ ಸೇರ್ಪಡೆಯನ್ನು ರದ್ದುಗೊಳಿಸಿತ್ತು. ಮಮತಾ ಬ್ಯಾನರ್ಜಿ ಸರ್ಕಾರದ ಈ ನಿರ್ಧಾರ ತುಷ್ಟೀಕರಣ ರಾಜಕಾರಣದ ಪರಮಾವಧಿ ಎಂದು ವಿಪಕ್ಷಗಳು ಟೀಕಿಸಿವೆ. ನೈಜ ಹಿಂದುಳಿದ ವರ್ಗಗಳಿಗೆ ಇದರಿಂದ ಅನ್ಯಾಯವಾಗುತ್ತಿದೆ ಎಂಬ ಆರೋಪ ವ್ಯಕ್ತವಾಗಿದೆ. ಮೀಸಲಾತಿಯ ಮೂಲ ಉದ್ದೇಶವೇ ಮರೆಯಾಗುತ್ತಿದೆ. 2011ರ ಜನಗಣತಿ ಪ್ರಕಾರ ರಾಜ್ಯದಲ್ಲಿ ಮುಸ್ಲಿಮರ ಪ್ರಮಾಣ ಶೇ.27 ಆಗಿದ್ದು, ಒಬಿಸಿ ಪಟ್ಟಿಯಲ್ಲಿ ಅವರ ಪಾಲು ಅತಿಯಾಗಿದೆ. ಸುಪ್ರೀಂಕೋರ್ಟ್ ಈ ಕುರಿತು ವಿಚಾರಣೆ ನಡೆಸುತ್ತಿದೆ. ಸಂವಿಧಾನದ ಆಶಯಕ್ಕೆ ವಿರುದ್ಧವಾಗಿ ಧರ್ಮಾಧಾರಿತ ಮೀಸಲಾತಿ ನೀಡುವುದು ಸಮರ್ಥನೀಯವಲ್ಲ ಎಂಬುದು ತಜ್ಞರ ಅಭಿಪ್ರಾಯ. ಮತಬ್ಯಾಂಕ್ ರಾಜಕಾರಣಕ್ಕಾಗಿ ಸಾಮಾಜಿಕ ನ್ಯಾಯದ ತತ್ವವನ್ನು ಬಲಿಕೊಡಲಾಗುತ್ತಿದೆ.
ಲವು ದಿನಗಳ ಹಿಂದೆ ಕೇಂದ್ರ ಸರ್ಕಾರವು ಒಬಿಸಿ ಪಟ್ಟಿಯ ಕುರಿತು ಪಶ್ಚಿಮ ಬಂಗಾಳ ಸರ್ಕಾರದಿಂದ ವಿವರಣೆ ಕೇಳಿದೆ. ರಾಜ್ಯದ ಒಬಿಸಿ ಪಟ್ಟಿಯಲ್ಲಿ ಸೇರಿಸಲಾದ ಸಮುದಾಯಗಳಲ್ಲಿ ಬಹುಪಾಲು ಮುಸ್ಲಿಂ ಸಮುದಾಯಗಳೇ ಆಗಿವೆ. 2010ರ ನಂತರ ಸೇರಿಸಲಾದ 77 ಸಮುದಾಯಗಳಲ್ಲಿ 75 ಮುಸ್ಲಿಂ ಸಮುದಾಯಗಳಾಗಿವೆ ಎಂದು ವರದಿಗಳು ತಿಳಿಸುತ್ತವೆ. ಕಲ್ಕತ್ತಾ ಹೈಕೋರ್ಟ್ ಈ ಸೇರ್ಪಡೆಯನ್ನು ರದ್ದುಗೊಳಿಸಿತ್ತು. ಮಮತಾ ಬ್ಯಾನರ್ಜಿ ಸರ್ಕಾರದ ಈ ನಿರ್ಧಾರ ತುಷ್ಟೀಕರಣ ರಾಜಕಾರಣದ ಪರಮಾವಧಿ ಎಂದು ವಿಪಕ್ಷಗಳು ಟೀಕಿಸಿವೆ. ನೈಜ ಹಿಂದುಳಿದ ವರ್ಗಗಳಿಗೆ ಇದರಿಂದ ಅನ್ಯಾಯವಾಗುತ್ತಿದೆ ಎಂಬ ಆರೋಪ ವ್ಯಕ್ತವಾಗಿದೆ. ಮೀಸಲಾತಿಯ ಮೂಲ ಉದ್ದೇಶವೇ ಮರೆಯಾಗುತ್ತಿದೆ. 2011ರ ಜನಗಣತಿ ಪ್ರಕಾರ ರಾಜ್ಯದಲ್ಲಿ ಮುಸ್ಲಿಮರ ಪ್ರಮಾಣ ಶೇ.27 ಆಗಿದ್ದು, ಒಬಿಸಿ ಪಟ್ಟಿಯಲ್ಲಿ ಅವರ ಪಾಲು ಅತಿಯಾಗಿದೆ. ಸುಪ್ರೀಂಕೋರ್ಟ್ ಈ ಕುರಿತು ವಿಚಾರಣೆ ನಡೆಸುತ್ತಿದೆ. ಸಂವಿಧಾನದ ಆಶಯಕ್ಕೆ ವಿರುದ್ಧವಾಗಿ ಧರ್ಮಾಧಾರಿತ ಮೀಸಲಾತಿ ನೀಡುವುದು ಸಮರ್ಥನೀಯವಲ್ಲ ಎಂಬುದು ತಜ್ಞರ ಅಭಿಪ್ರಾಯ. ಮತಬ್ಯಾಂಕ್ ರಾಜಕಾರಣಕ್ಕಾಗಿ ಸಾಮಾಜಿಕ ನ್ಯಾಯದ ತತ್ವವನ್ನು ಬಲಿಕೊಡಲಾಗುತ್ತಿದೆ.
ಲವು ದಿನಗಳ ಹಿಂದೆ ಕೇಂದ್ರ ಸರ್ಕಾರವು ಒಬಿಸಿ ಪಟ್ಟಿಯ ಕುರಿತು ಪಶ್ಚಿಮ ಬಂಗಾಳ ಸರ್ಕಾರದಿಂದ ವಿವರಣೆ ಕೇಳಿದೆ. ರಾಜ್ಯದ ಒಬಿಸಿ ಪಟ್ಟಿಯಲ್ಲಿ ಸೇರಿಸಲಾದ ಸಮುದಾಯಗಳಲ್ಲಿ ಬಹುಪಾಲು ಮುಸ್ಲಿಂ ಸಮುದಾಯಗಳೇ ಆಗಿವೆ. 2010ರ ನಂತರ ಸೇರಿಸಲಾದ 77 ಸಮುದಾಯಗಳಲ್ಲಿ 75 ಮುಸ್ಲಿಂ ಸಮುದಾಯಗಳಾಗಿವೆ ಎಂದು ವರದಿಗಳು ತಿಳಿಸುತ್ತವೆ. ಕಲ್ಕತ್ತಾ ಹೈಕೋರ್ಟ್ ಈ ಸೇರ್ಪಡೆಯನ್ನು ರದ್ದುಗೊಳಿಸಿತ್ತು. ಮಮತಾ ಬ್ಯಾನರ್ಜಿ ಸರ್ಕಾರದ ಈ ನಿರ್ಧಾರ ತುಷ್ಟೀಕರಣ ರಾಜಕಾರಣದ ಪರಮಾವಧಿ ಎಂದು ವಿಪಕ್ಷಗಳು ಟೀಕಿಸಿವೆ. ನೈಜ ಹಿಂದುಳಿದ ವರ್ಗಗಳಿಗೆ ಇದರಿಂದ ಅನ್ಯಾಯವಾಗುತ್ತಿದೆ ಎಂಬ ಆರೋಪ ವ್ಯಕ್ತವಾಗಿದೆ. ಮೀಸಲಾತಿಯ ಮೂಲ ಉದ್ದೇಶವೇ ಮರೆಯಾಗುತ್ತಿದೆ. 2011ರ ಜನಗಣತಿ ಪ್ರಕಾರ ರಾಜ್ಯದಲ್ಲಿ ಮುಸ್ಲಿಮರ ಪ್ರಮಾಣ ಶೇ.27 ಆಗಿದ್ದು, ಒಬಿಸಿ ಪಟ್ಟಿಯಲ್ಲಿ ಅವರ ಪಾಲು ಅತಿಯಾಗಿದೆ. ಸುಪ್ರೀಂಕೋರ್ಟ್ ಈ ಕುರಿತು ವಿಚಾರಣೆ ನಡೆಸುತ್ತಿದೆ. ಸಂವಿಧಾನದ ಆಶಯಕ್ಕೆ ವಿರುದ್ಧವಾಗಿ ಧರ್ಮಾಧಾರಿತ ಮೀಸಲಾತಿ ನೀಡುವುದು ಸಮರ್ಥನೀಯವಲ್ಲ ಎಂಬುದು ತಜ್ಞರ ಅಭಿಪ್ರಾಯ. ಮತಬ್ಯಾಂಕ್ ರಾಜಕಾರಣಕ್ಕಾಗಿ ಸಾಮಾಜಿಕ ನ್ಯಾಯದ ತತ್ವವನ್ನು ಬಲಿಕೊಡಲಾಗುತ್ತಿದೆ.
ಲವು ದಿನಗಳ ಹಿಂದೆ ಕೇಂದ್ರ ಸರ್ಕಾರವು ಒಬಿಸಿ ಪಟ್ಟಿಯ ಕುರಿತು ಪಶ್ಚಿಮ ಬಂಗಾಳ ಸರ್ಕಾರದಿಂದ ವಿವರಣೆ ಕೇಳಿದೆ. ರಾಜ್ಯದ ಒಬಿಸಿ ಪಟ್ಟಿಯಲ್ಲಿ ಸೇರಿಸಲಾದ ಸಮುದಾಯಗಳಲ್ಲಿ ಬಹುಪಾಲು ಮುಸ್ಲಿಂ ಸಮುದಾಯಗಳೇ ಆಗಿವೆ. 2010ರ ನಂತರ ಸೇರಿಸಲಾದ 77 ಸಮುದಾಯಗಳಲ್ಲಿ 75 ಮುಸ್ಲಿಂ ಸಮುದಾಯಗಳಾಗಿವೆ ಎಂದು ವರದಿಗಳು ತಿಳಿಸುತ್ತವೆ. ಕಲ್ಕತ್ತಾ ಹೈಕೋರ್ಟ್ ಈ ಸೇರ್ಪಡೆಯನ್ನು ರದ್ದುಗೊಳಿಸಿತ್ತು. ಮಮತಾ ಬ್ಯಾನರ್ಜಿ ಸರ್ಕಾರದ ಈ ನಿರ್ಧಾರ ತುಷ್ಟೀಕರಣ ರಾಜಕಾರಣದ ಪರಮಾವಧಿ ಎಂದು ವಿಪಕ್ಷಗಳು ಟೀಕಿಸಿವೆ. ನೈಜ ಹಿಂದುಳಿದ ವರ್ಗಗಳಿಗೆ ಇದರಿಂದ ಅನ್ಯಾಯವಾಗುತ್ತಿದೆ ಎಂಬ ಆರೋಪ ವ್ಯಕ್ತವಾಗಿದೆ. ಮೀಸಲಾತಿಯ ಮೂಲ ಉದ್ದೇಶವೇ ಮರೆಯಾಗುತ್ತಿದೆ. 2011ರ ಜನಗಣತಿ ಪ್ರಕಾರ ರಾಜ್ಯದಲ್ಲಿ ಮುಸ್ಲಿಮರ ಪ್ರಮಾಣ ಶೇ.27 ಆಗಿದ್ದು, ಒಬಿಸಿ ಪಟ್ಟಿಯಲ್ಲಿ ಅವರ ಪಾಲು ಅತಿಯಾಗಿದೆ. ಸುಪ್ರೀಂಕೋರ್ಟ್ ಈ ಕುರಿತು ವಿಚಾರಣೆ ನಡೆಸುತ್ತಿದೆ. ಸಂವಿಧಾನದ ಆಶಯಕ್ಕೆ ವಿರುದ್ಧವಾಗಿ ಧರ್ಮಾಧಾರಿತ ಮೀಸಲಾತಿ ನೀಡುವುದು ಸಮರ್ಥನೀಯವಲ್ಲ ಎಂಬುದು ತಜ್ಞರ ಅಭಿಪ್ರಾಯ. ಮತಬ್ಯಾಂಕ್ ರಾಜಕಾರಣಕ್ಕಾಗಿ ಸಾಮಾಜಿಕ ನ್ಯಾಯದ ತತ್ವವನ್ನು ಬಲಿಕೊಡಲಾಗುತ್ತಿದೆ.
ಲವು ದಿನಗಳ ಹಿಂದೆ ಕೇಂದ್ರ ಸರ್ಕಾರವು ಒಬಿಸಿ ಪಟ್ಟಿಯ ಕುರಿತು ಪಶ್ಚಿಮ ಬಂಗಾಳ ಸರ್ಕಾರದಿಂದ ವಿವರಣೆ ಕೇಳಿದೆ. ರಾಜ್ಯದ ಒಬಿಸಿ ಪಟ್ಟಿಯಲ್ಲಿ ಸೇರಿಸಲಾದ ಸಮುದಾಯಗಳಲ್ಲಿ ಬಹುಪಾಲು ಮುಸ್ಲಿಂ ಸಮುದಾಯಗಳೇ ಆಗಿವೆ. 2010ರ ನಂತರ ಸೇರಿಸಲಾದ 77 ಸಮುದಾಯಗಳಲ್ಲಿ 75 ಮುಸ್ಲಿಂ ಸಮುದಾಯಗಳಾಗಿವೆ ಎಂದು ವರದಿಗಳು ತಿಳಿಸುತ್ತವೆ. ಕಲ್ಕತ್ತಾ ಹೈಕೋರ್ಟ್ ಈ ಸೇರ್ಪಡೆಯನ್ನು ರದ್ದುಗೊಳಿಸಿತ್ತು. ಮಮತಾ ಬ್ಯಾನರ್ಜಿ ಸರ್ಕಾರದ ಈ ನಿರ್ಧಾರ ತುಷ್ಟೀಕರಣ ರಾಜಕಾರಣದ ಪರಮಾವಧಿ ಎಂದು ವಿಪಕ್ಷಗಳು ಟೀಕಿಸಿವೆ. ನೈಜ ಹಿಂದುಳಿದ ವರ್ಗಗಳಿಗೆ ಇದರಿಂದ ಅನ್ಯಾಯವಾಗುತ್ತಿದೆ ಎಂಬ ಆರೋಪ ವ್ಯಕ್ತವಾಗಿದೆ. ಮೀಸಲಾತಿಯ ಮೂಲ ಉದ್ದೇಶವೇ ಮರೆಯಾಗುತ್ತಿದೆ. 2011ರ ಜನಗಣತಿ ಪ್ರಕಾರ ರಾಜ್ಯದಲ್ಲಿ ಮುಸ್ಲಿಮರ ಪ್ರಮಾಣ ಶೇ.27 ಆಗಿದ್ದು, ಒಬಿಸಿ ಪಟ್ಟಿಯಲ್ಲಿ ಅವರ ಪಾಲು ಅತಿಯಾಗಿದೆ. ಸುಪ್ರೀಂಕೋರ್ಟ್ ಈ ಕುರಿತು ವಿಚಾರಣೆ ನಡೆಸುತ್ತಿದೆ. ಸಂವಿಧಾನದ ಆಶಯಕ್ಕೆ ವಿರುದ್ಧವಾಗಿ ಧರ್ಮಾಧಾರಿತ ಮೀಸಲಾತಿ ನೀಡುವುದು ಸಮರ್ಥನೀಯವಲ್ಲ ಎಂಬುದು ತಜ್ಞರ ಅಭಿಪ್ರಾಯ. ಮತಬ್ಯಾಂಕ್ ರಾಜಕಾರಣಕ್ಕಾಗಿ ಸಾಮಾಜಿಕ ನ್ಯಾಯದ ತತ್ವವನ್ನು ಬಲಿಕೊಡಲಾಗುತ್ತಿದೆ.
